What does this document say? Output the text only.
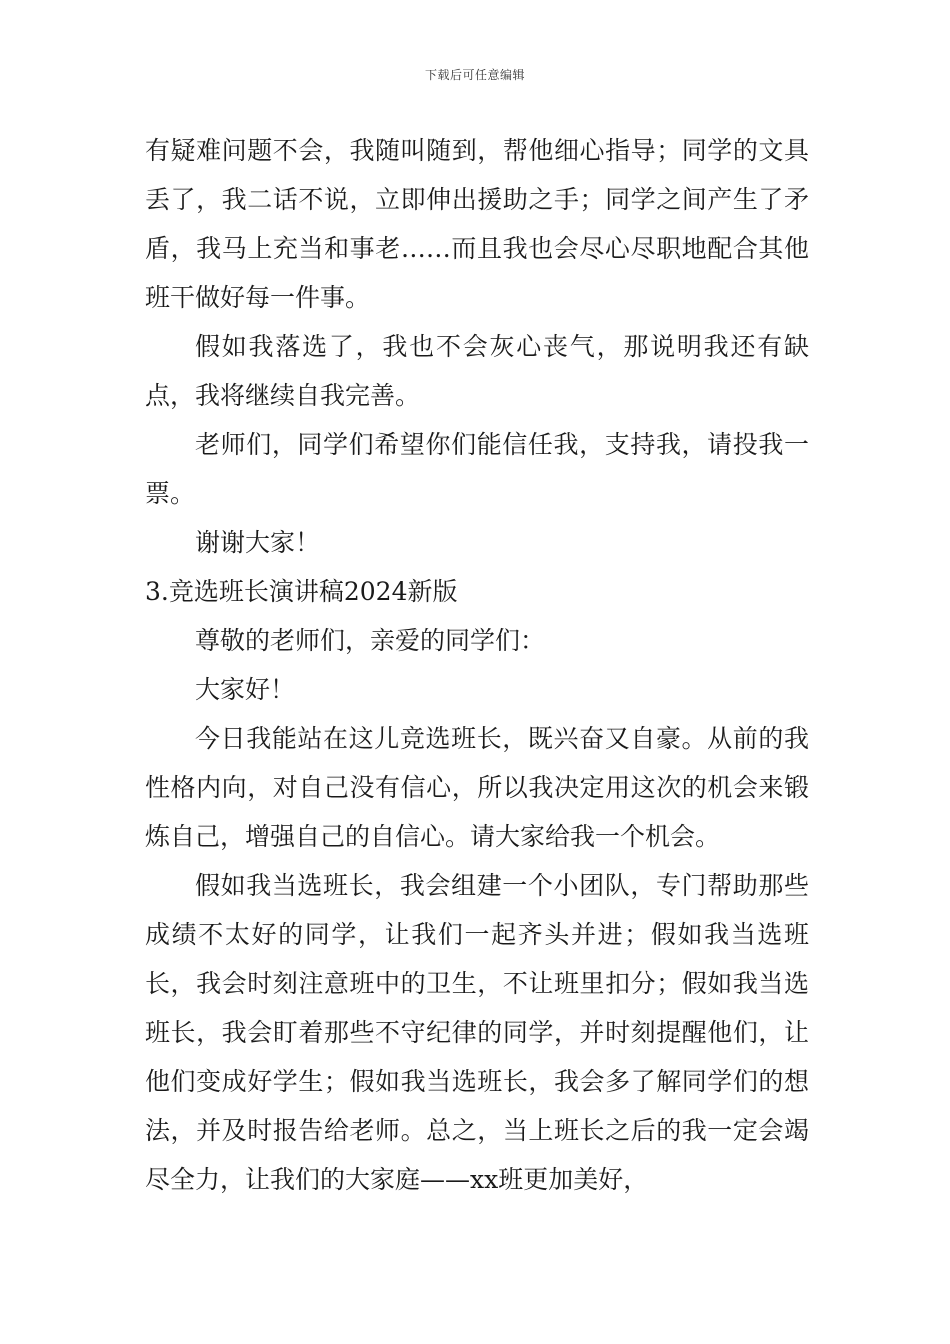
下载后可任意编辑

有疑难问题不会，我随叫随到，帮他细心指导；同学的文具丢了，我二话不说，立即伸出援助之手；同学之间产生了矛盾，我马上充当和事老……而且我也会尽心尽职地配合其他班干做好每一件事。

假如我落选了，我也不会灰心丧气，那说明我还有缺点，我将继续自我完善。

老师们，同学们希望你们能信任我，支持我，请投我一票。

谢谢大家！

3.竞选班长演讲稿2024新版

尊敬的老师们，亲爱的同学们：

大家好！

今日我能站在这儿竞选班长，既兴奋又自豪。从前的我性格内向，对自己没有信心，所以我决定用这次的机会来锻炼自己，增强自己的自信心。请大家给我一个机会。

假如我当选班长，我会组建一个小团队，专门帮助那些成绩不太好的同学，让我们一起齐头并进；假如我当选班长，我会时刻注意班中的卫生，不让班里扣分；假如我当选班长，我会盯着那些不守纪律的同学，并时刻提醒他们，让他们变成好学生；假如我当选班长，我会多了解同学们的想法，并及时报告给老师。总之，当上班长之后的我一定会竭尽全力，让我们的大家庭——xx班更加美好，
